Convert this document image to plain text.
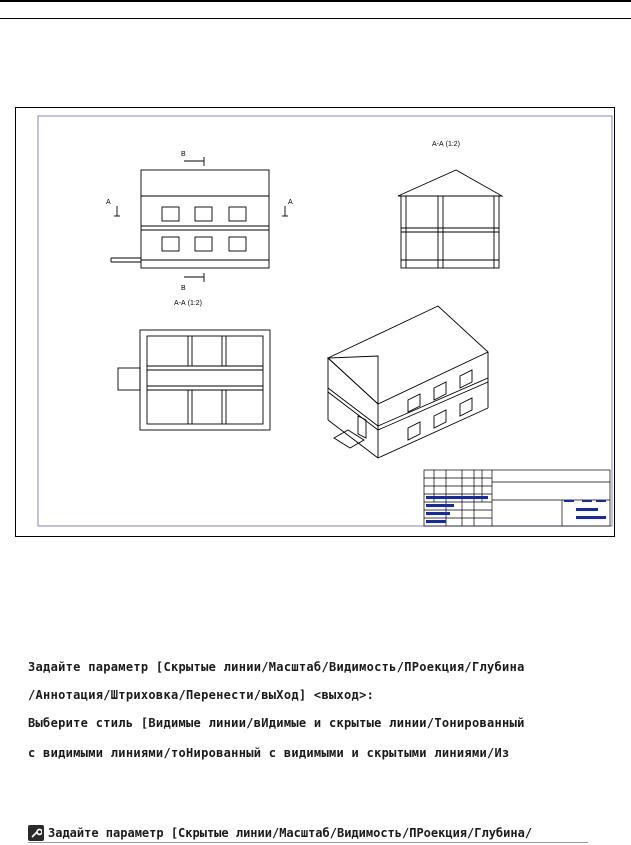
В
В
А	А
А-А (1:2)
А-А (1:2)
Задайте параметр [Скрытые линии/Масштаб/Видимость/ПРоекция/Глубина
/Аннотация/Штриховка/Перенести/выХод] <выход>:
Выберите стиль [Видимые линии/вИдимые и скрытые линии/Тонированный
с видимыми линиями/тоНированный с видимыми и скрытыми линиями/Из
Задайте параметр [Скрытые линии/Масштаб/Видимость/ПРоекция/Глубина/
